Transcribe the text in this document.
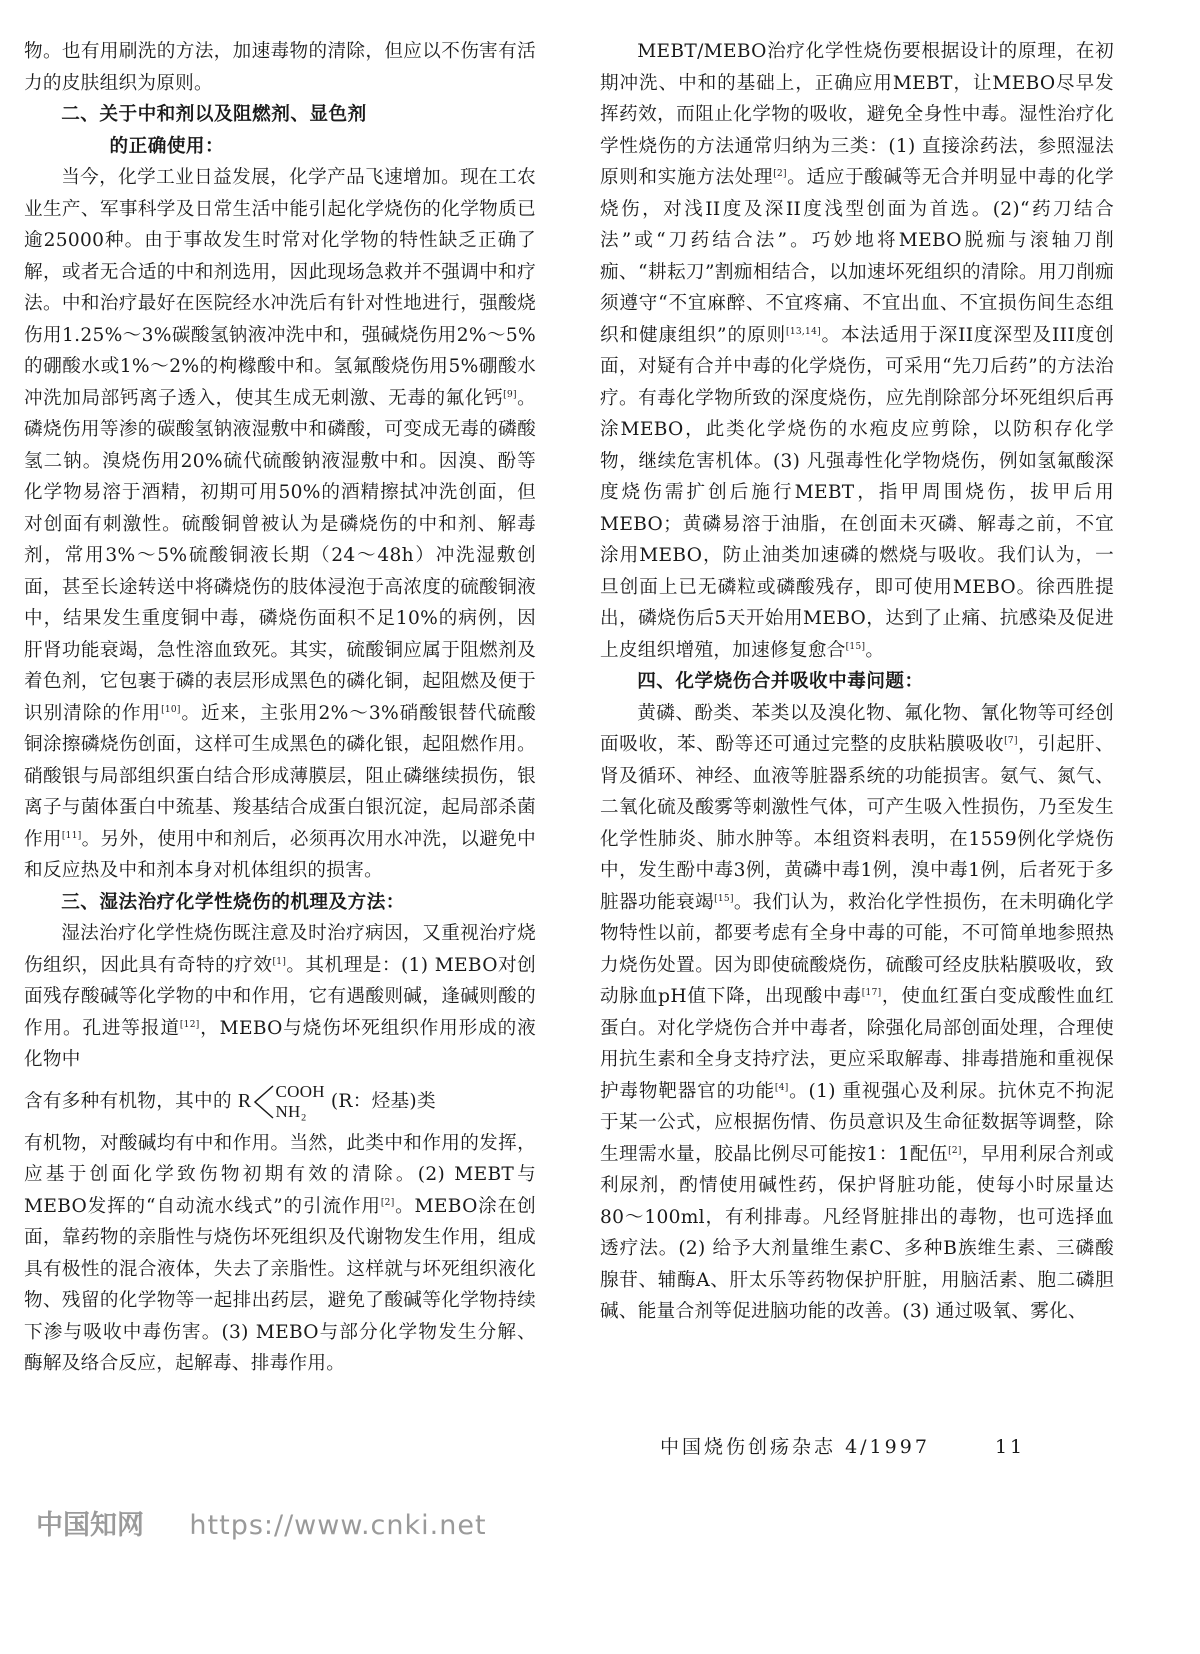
物。也有用刷洗的方法，加速毒物的清除，但应以不伤害有活力的皮肤组织为原则。

二、关于中和剂以及阻燃剂、显色剂
的正确使用：

当今，化学工业日益发展，化学产品飞速增加。现在工农业生产、军事科学及日常生活中能引起化学烧伤的化学物质已逾25000种。由于事故发生时常对化学物的特性缺乏正确了解，或者无合适的中和剂选用，因此现场急救并不强调中和疗法。中和治疗最好在医院经水冲洗后有针对性地进行，强酸烧伤用1.25%～3%碳酸氢钠液冲洗中和，强碱烧伤用2%～5%的硼酸水或1%～2%的枸橼酸中和。氢氟酸烧伤用5%硼酸水冲洗加局部钙离子透入，使其生成无刺激、无毒的氟化钙[9]。磷烧伤用等渗的碳酸氢钠液湿敷中和磷酸，可变成无毒的磷酸氢二钠。溴烧伤用20%硫代硫酸钠液湿敷中和。因溴、酚等化学物易溶于酒精，初期可用50%的酒精擦拭冲洗创面，但对创面有刺激性。硫酸铜曾被认为是磷烧伤的中和剂、解毒剂，常用3%～5%硫酸铜液长期（24～48h）冲洗湿敷创面，甚至长途转送中将磷烧伤的肢体浸泡于高浓度的硫酸铜液中，结果发生重度铜中毒，磷烧伤面积不足10%的病例，因肝肾功能衰竭，急性溶血致死。其实，硫酸铜应属于阻燃剂及着色剂，它包裹于磷的表层形成黑色的磷化铜，起阻燃及便于识别清除的作用[10]。近来，主张用2%～3%硝酸银替代硫酸铜涂擦磷烧伤创面，这样可生成黑色的磷化银，起阻燃作用。硝酸银与局部组织蛋白结合形成薄膜层，阻止磷继续损伤，银离子与菌体蛋白中巯基、羧基结合成蛋白银沉淀，起局部杀菌作用[11]。另外，使用中和剂后，必须再次用水冲洗，以避免中和反应热及中和剂本身对机体组织的损害。

三、湿法治疗化学性烧伤的机理及方法：

湿法治疗化学性烧伤既注意及时治疗病因，又重视治疗烧伤组织，因此具有奇特的疗效[1]。其机理是：(1) MEBO对创面残存酸碱等化学物的中和作用，它有遇酸则碱，逢碱则酸的作用。孔进等报道[12]，MEBO与烧伤坏死组织作用形成的液化物中

含有多种有机物，其中的 R COOH
NH₂	(R：烃基)类

有机物，对酸碱均有中和作用。当然，此类中和作用的发挥，应基于创面化学致伤物初期有效的清除。(2) MEBT与MEBO发挥的“自动流水线式”的引流作用[2]。MEBO涂在创面，靠药物的亲脂性与烧伤坏死组织及代谢物发生作用，组成具有极性的混合液体，失去了亲脂性。这样就与坏死组织液化物、残留的化学物等一起排出药层，避免了酸碱等化学物持续下渗与吸收中毒伤害。(3) MEBO与部分化学物发生分解、酶解及络合反应，起解毒、排毒作用。

MEBT/MEBO治疗化学性烧伤要根据设计的原理，在初期冲洗、中和的基础上，正确应用MEBT，让MEBO尽早发挥药效，而阻止化学物的吸收，避免全身性中毒。湿性治疗化学性烧伤的方法通常归纳为三类：(1) 直接涂药法，参照湿法原则和实施方法处理[2]。适应于酸碱等无合并明显中毒的化学烧伤，对浅II度及深II度浅型创面为首选。(2)“药刀结合法”或“刀药结合法”。巧妙地将MEBO脱痂与滚轴刀削痂、“耕耘刀”割痂相结合，以加速坏死组织的清除。用刀削痂须遵守“不宜麻醉、不宜疼痛、不宜出血、不宜损伤间生态组织和健康组织”的原则[13,14]。本法适用于深II度深型及III度创面，对疑有合并中毒的化学烧伤，可采用“先刀后药”的方法治疗。有毒化学物所致的深度烧伤，应先削除部分坏死组织后再涂MEBO，此类化学烧伤的水疱皮应剪除，以防积存化学物，继续危害机体。(3) 凡强毒性化学物烧伤，例如氢氟酸深度烧伤需扩创后施行MEBT，指甲周围烧伤，拔甲后用MEBO；黄磷易溶于油脂，在创面未灭磷、解毒之前，不宜涂用MEBO，防止油类加速磷的燃烧与吸收。我们认为，一旦创面上已无磷粒或磷酸残存，即可使用MEBO。徐西胜提出，磷烧伤后5天开始用MEBO，达到了止痛、抗感染及促进上皮组织增殖，加速修复愈合[15]。

四、化学烧伤合并吸收中毒问题：

黄磷、酚类、苯类以及溴化物、氟化物、氰化物等可经创面吸收，苯、酚等还可通过完整的皮肤粘膜吸收[7]，引起肝、肾及循环、神经、血液等脏器系统的功能损害。氨气、氮气、二氧化硫及酸雾等刺激性气体，可产生吸入性损伤，乃至发生化学性肺炎、肺水肿等。本组资料表明，在1559例化学烧伤中，发生酚中毒3例，黄磷中毒1例，溴中毒1例，后者死于多脏器功能衰竭[15]。我们认为，救治化学性损伤，在未明确化学物特性以前，都要考虑有全身中毒的可能，不可简单地参照热力烧伤处置。因为即使硫酸烧伤，硫酸可经皮肤粘膜吸收，致动脉血pH值下降，出现酸中毒[17]，使血红蛋白变成酸性血红蛋白。对化学烧伤合并中毒者，除强化局部创面处理，合理使用抗生素和全身支持疗法，更应采取解毒、排毒措施和重视保护毒物靶器官的功能[4]。(1) 重视强心及利尿。抗休克不拘泥于某一公式，应根据伤情、伤员意识及生命征数据等调整，除生理需水量，胶晶比例尽可能按1：1配伍[2]，早用利尿合剂或利尿剂，酌情使用碱性药，保护肾脏功能，使每小时尿量达80～100ml，有利排毒。凡经肾脏排出的毒物，也可选择血透疗法。(2) 给予大剂量维生素C、多种B族维生素、三磷酸腺苷、辅酶A、肝太乐等药物保护肝脏，用脑活素、胞二磷胆碱、能量合剂等促进脑功能的改善。(3) 通过吸氧、雾化、

中国烧伤创疡杂志 4/1997	11
中国知网 https://www.cnki.net
